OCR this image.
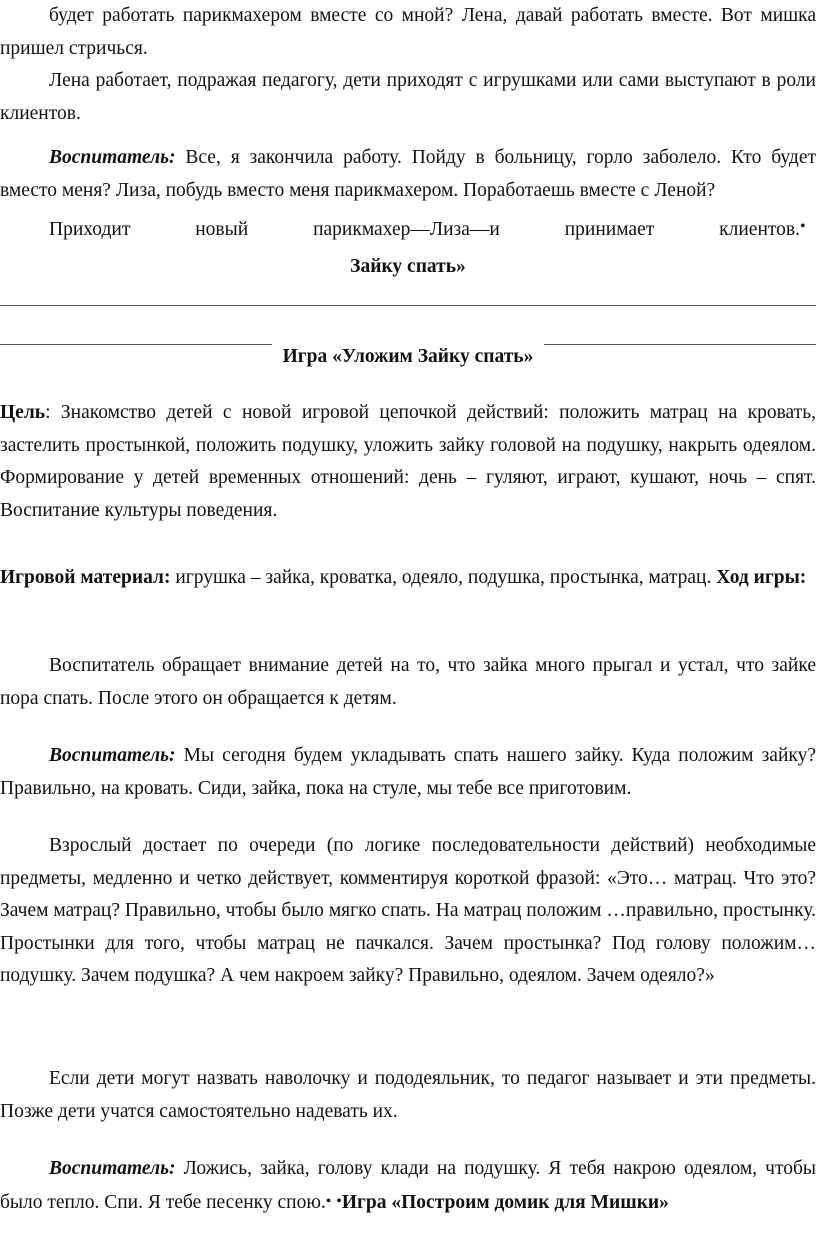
будет работать парикмахером вместе со мной? Лена, давай работать вместе. Вот мишка пришел стричься.

Лена работает, подражая педагогу, дети приходят с игрушками или сами выступают в роли клиентов.

Воспитатель: Все, я закончила работу. Пойду в больницу, горло заболело. Кто будет вместо меня? Лиза, побудь вместо меня парикмахером. Поработаешь вместе с Леной?

Приходит новый парикмахер—Лиза—и принимает клиентов. •

Зайку спать»

Игра «Уложим Зайку спать»

Цель: Знакомство детей с новой игровой цепочкой действий: положить матрац на кровать, застелить простынкой, положить подушку, уложить зайку головой на подушку, накрыть одеялом. Формирование у детей временных отношений: день – гуляют, играют, кушают, ночь – спят. Воспитание культуры поведения.

Игровой материал: игрушка – зайка, кроватка, одеяло, подушка, простынка, матрац. Ход игры:

Воспитатель обращает внимание детей на то, что зайка много прыгал и устал, что зайке пора спать. После этого он обращается к детям.

Воспитатель: Мы сегодня будем укладывать спать нашего зайку. Куда положим зайку? Правильно, на кровать. Сиди, зайка, пока на стуле, мы тебе все приготовим.

Взрослый достает по очереди (по логике последовательности действий) необходимые предметы, медленно и четко действует, комментируя короткой фразой: «Это… матрац. Что это? Зачем матрац? Правильно, чтобы было мягко спать. На матрац положим …правильно, простынку. Простынки для того, чтобы матрац не пачкался. Зачем простынка? Под голову положим… подушку. Зачем подушка? А чем накроем зайку? Правильно, одеялом. Зачем одеяло?»

Если дети могут назвать наволочку и пододеяльник, то педагог называет и эти предметы. Позже дети учатся самостоятельно надевать их.

Воспитатель: Ложись, зайка, голову клади на подушку. Я тебя накрою одеялом, чтобы было тепло. Спи. Я тебе песенку спою.• •Игра «Построим домик для Мишки»
